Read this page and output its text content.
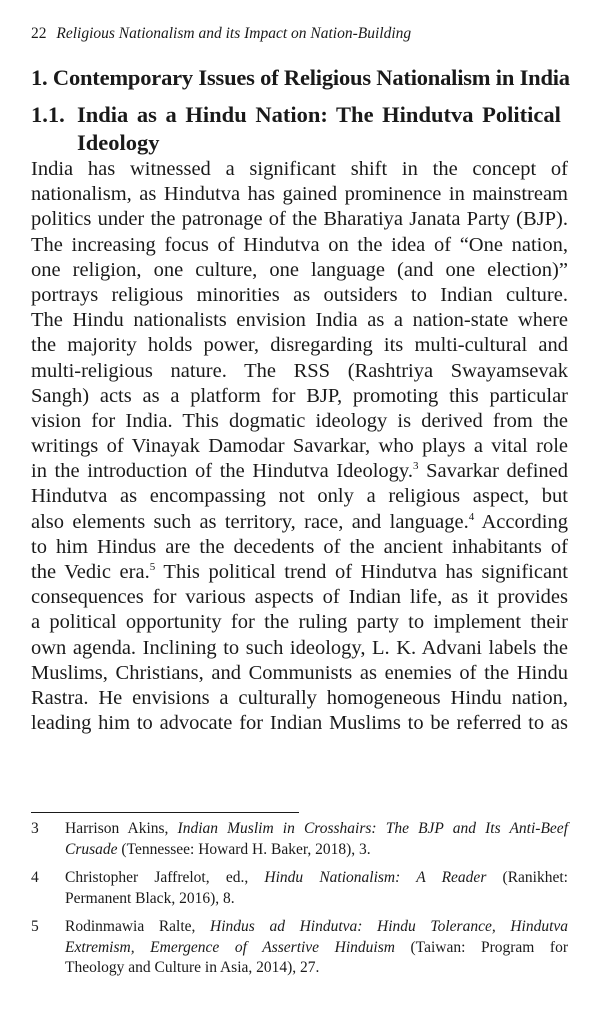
22 Religious Nationalism and its Impact on Nation-Building
1. Contemporary Issues of Religious Nationalism in India
1.1. India as a Hindu Nation: The Hindutva Political
Ideology
India has witnessed a significant shift in the concept of
nationalism, as Hindutva has gained prominence in mainstream
politics under the patronage of the Bharatiya Janata Party (BJP).
The increasing focus of Hindutva on the idea of “One nation,
one religion, one culture, one language (and one election)”
portrays religious minorities as outsiders to Indian culture.
The Hindu nationalists envision India as a nation-state where
the majority holds power, disregarding its multi-cultural and
multi-religious nature. The RSS (Rashtriya Swayamsevak
Sangh) acts as a platform for BJP, promoting this particular
vision for India. This dogmatic ideology is derived from the
writings of Vinayak Damodar Savarkar, who plays a vital role
in the introduction of the Hindutva Ideology.$^3$ Savarkar defined
Hindutva as encompassing not only a religious aspect, but
also elements such as territory, race, and language.$^4$ According
to him Hindus are the decedents of the ancient inhabitants of
the Vedic era.$^5$ This political trend of Hindutva has significant
consequences for various aspects of Indian life, as it provides
a political opportunity for the ruling party to implement their
own agenda. Inclining to such ideology, L. K. Advani labels the
Muslims, Christians, and Communists as enemies of the Hindu
Rastra. He envisions a culturally homogeneous Hindu nation,
leading him to advocate for Indian Muslims to be referred to as
3 Harrison Akins, Indian Muslim in Crosshairs: The BJP and Its Anti-Beef
Crusade (Tennessee: Howard H. Baker, 2018), 3.
4 Christopher Jaffrelot, ed., Hindu Nationalism: A Reader (Ranikhet:
Permanent Black, 2016), 8.
5 Rodinmawia Ralte, Hindus ad Hindutva: Hindu Tolerance, Hindutva
Extremism, Emergence of Assertive Hinduism (Taiwan: Program for
Theology and Culture in Asia, 2014), 27.
